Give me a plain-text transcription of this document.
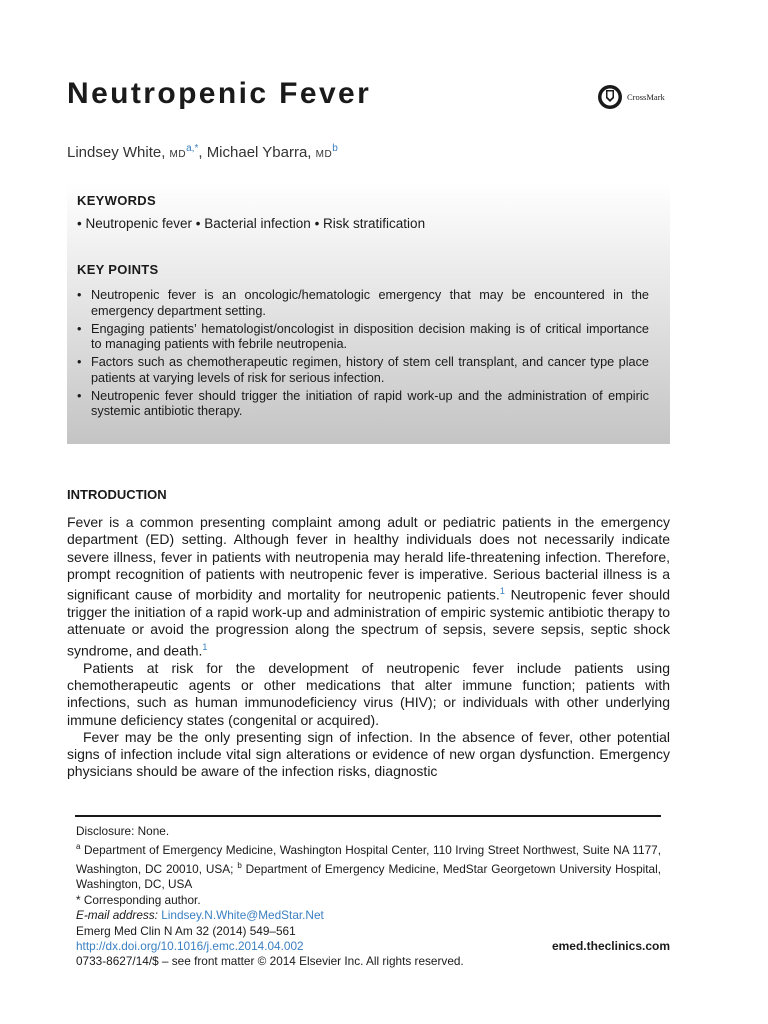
Neutropenic Fever	CrossMark
Lindsey White, $MD^{a,*}$, Michael Ybarra, $MD^b$
KEYWORDS
• Neutropenic fever • Bacterial infection • Risk stratification
KEY POINTS
• Neutropenic fever is an oncologic/hematologic emergency that may be encountered in the emergency department setting.
• Engaging patients’ hematologist/oncologist in disposition decision making is of critical importance to managing patients with febrile neutropenia.
• Factors such as chemotherapeutic regimen, history of stem cell transplant, and cancer type place patients at varying levels of risk for serious infection.
• Neutropenic fever should trigger the initiation of rapid work-up and the administration of empiric systemic antibiotic therapy.
INTRODUCTION

Fever is a common presenting complaint among adult or pediatric patients in the emergency department (ED) setting. Although fever in healthy individuals does not necessarily indicate severe illness, fever in patients with neutropenia may herald life-threatening infection. Therefore, prompt recognition of patients with neutropenic fever is imperative. Serious bacterial illness is a significant cause of morbidity and mortality for neutropenic patients.$^1$ Neutropenic fever should trigger the initiation of a rapid work-up and administration of empiric systemic antibiotic therapy to attenuate or avoid the progression along the spectrum of sepsis, severe sepsis, septic shock syndrome, and death.$^1$

Patients at risk for the development of neutropenic fever include patients using chemotherapeutic agents or other medications that alter immune function; patients with infections, such as human immunodeficiency virus (HIV); or individuals with other underlying immune deficiency states (congenital or acquired).

Fever may be the only presenting sign of infection. In the absence of fever, other potential signs of infection include vital sign alterations or evidence of new organ dysfunction. Emergency physicians should be aware of the infection risks, diagnostic

Disclosure: None.

$^a$ Department of Emergency Medicine, Washington Hospital Center, 110 Irving Street Northwest, Suite NA 1177, Washington, DC 20010, USA; $^b$ Department of Emergency Medicine, MedStar Georgetown University Hospital, Washington, DC, USA

* Corresponding author.

E-mail address: Lindsey.N.White@MedStar.Net

Emerg Med Clin N Am 32 (2014) 549–561

http://dx.doi.org/10.1016/j.emc.2014.04.002

0733-8627/14/$ – see front matter © 2014 Elsevier Inc. All rights reserved.

emed.theclinics.com
